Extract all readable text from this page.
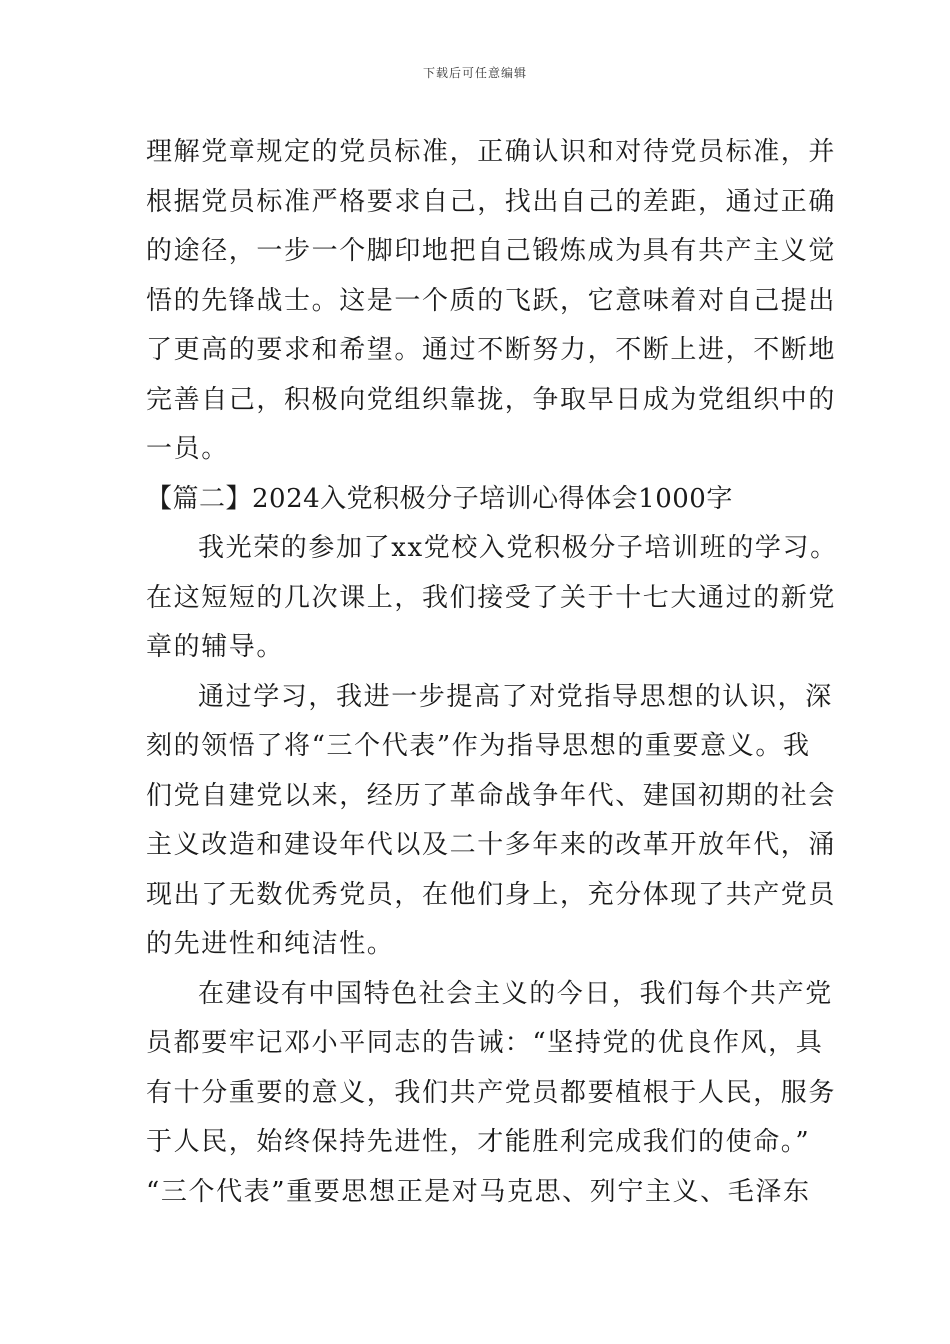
下载后可任意编辑
理解党章规定的党员标准，正确认识和对待党员标准，并
根据党员标准严格要求自己，找出自己的差距，通过正确
的途径，一步一个脚印地把自己锻炼成为具有共产主义觉
悟的先锋战士。这是一个质的飞跃，它意味着对自己提出
了更高的要求和希望。通过不断努力，不断上进，不断地
完善自己，积极向党组织靠拢，争取早日成为党组织中的
一员。
【篇二】2024入党积极分子培训心得体会1000字
我光荣的参加了xx党校入党积极分子培训班的学习。
在这短短的几次课上，我们接受了关于十七大通过的新党
章的辅导。
通过学习，我进一步提高了对党指导思想的认识，深
刻的领悟了将“三个代表”作为指导思想的重要意义。我
们党自建党以来，经历了革命战争年代、建国初期的社会
主义改造和建设年代以及二十多年来的改革开放年代，涌
现出了无数优秀党员，在他们身上，充分体现了共产党员
的先进性和纯洁性。
在建设有中国特色社会主义的今日，我们每个共产党
员都要牢记邓小平同志的告诫：“坚持党的优良作风，具
有十分重要的意义，我们共产党员都要植根于人民，服务
于人民，始终保持先进性，才能胜利完成我们的使命。”
“三个代表”重要思想正是对马克思、列宁主义、毛泽东
